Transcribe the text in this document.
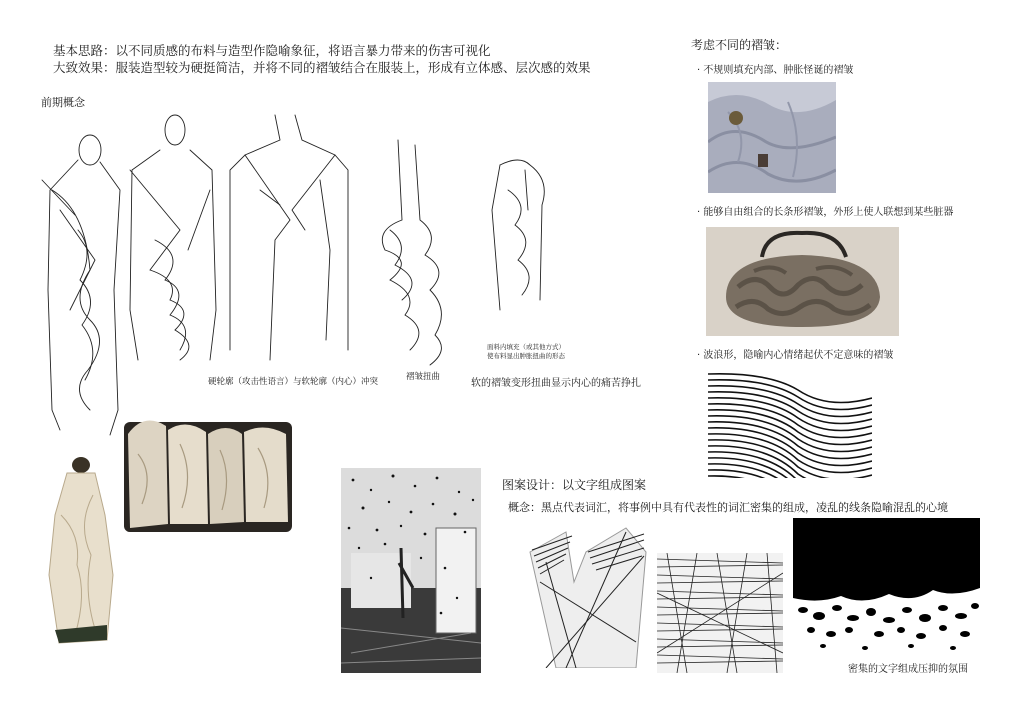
基本思路：以不同质感的布料与造型作隐喻象征，将语言暴力带来的伤害可视化
大致效果：服装造型较为硬挺简洁，并将不同的褶皱结合在服装上，形成有立体感、层次感的效果
前期概念
硬轮廓（攻击性语言）与软轮廓（内心）冲突	褶皱扭曲
面料内填充（或其他方式）
使布料显出肿胀扭曲的形态
软的褶皱变形扭曲显示内心的痛苦挣扎
考虑不同的褶皱：
· 不规则填充内部、肿胀怪诞的褶皱
· 能够自由组合的长条形褶皱，外形上使人联想到某些脏器
· 波浪形，隐喻内心情绪起伏不定意味的褶皱
图案设计：以文字组成图案
概念：黑点代表词汇，将事例中具有代表性的词汇密集的组成，凌乱的线条隐喻混乱的心境
密集的文字组成压抑的氛围
